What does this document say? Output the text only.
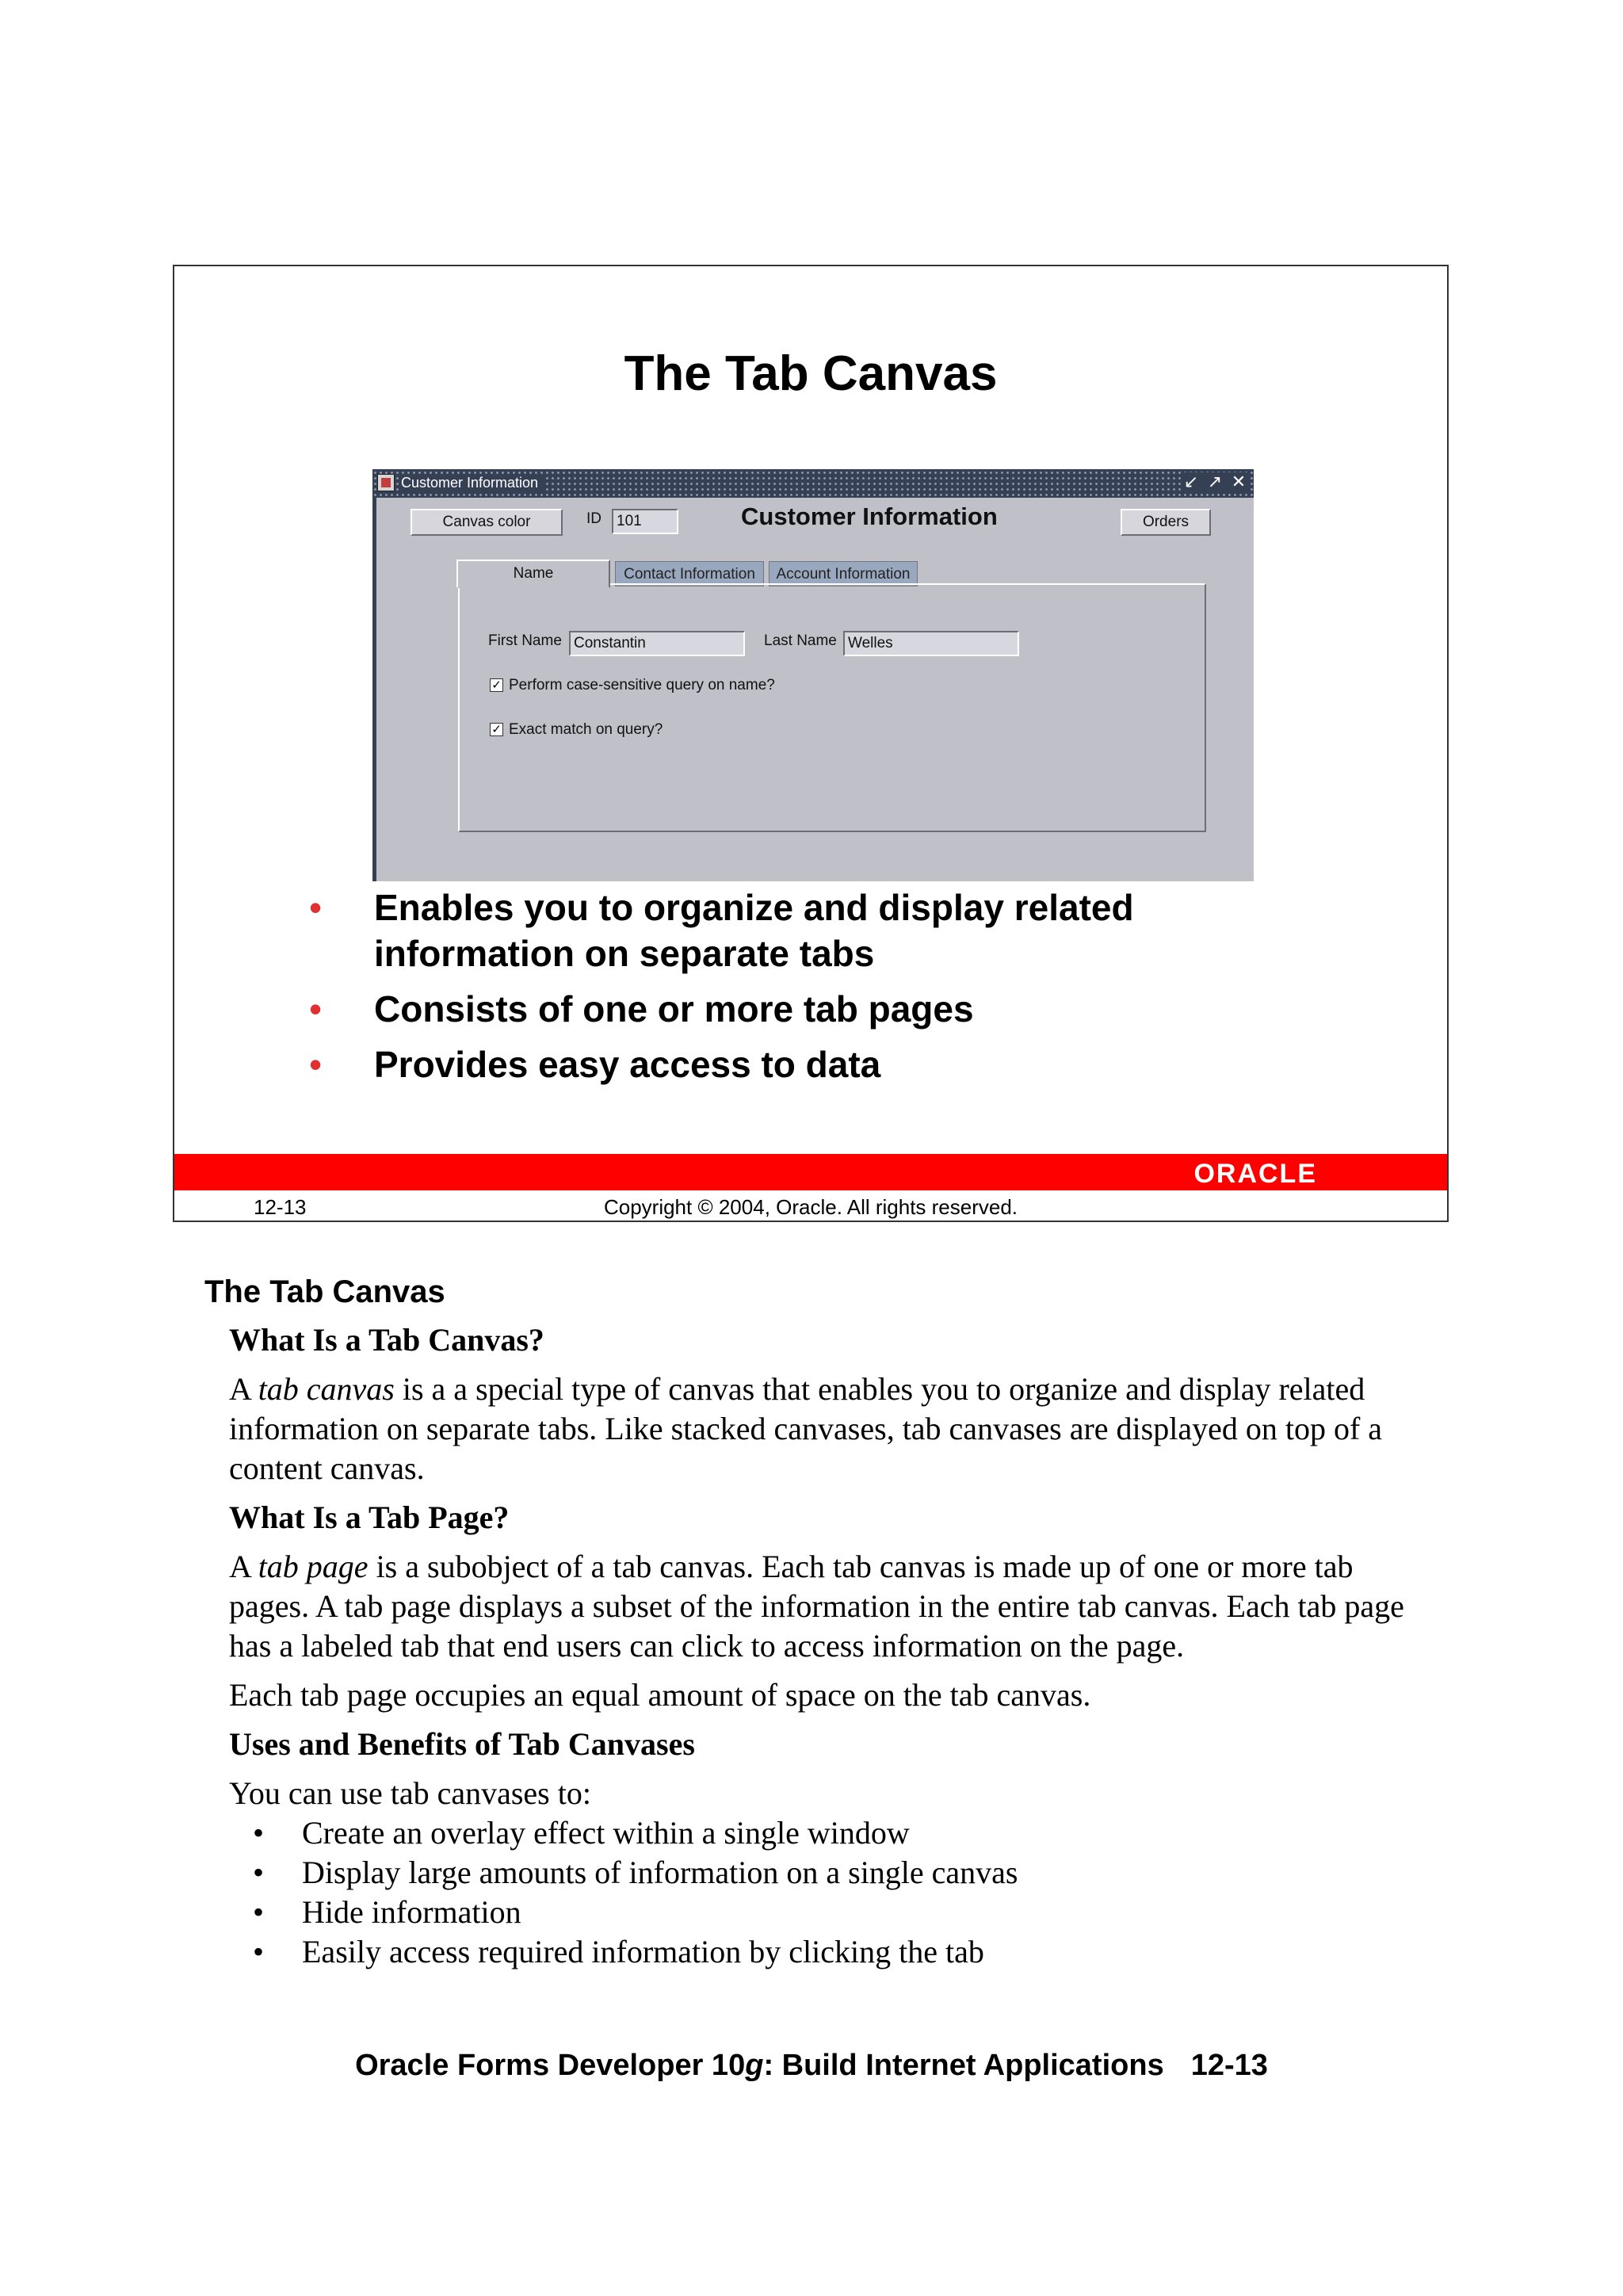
The Tab Canvas
Customer Information	↙ ↗ ✕
Canvas color	ID	101	Customer Information	Orders
Name	Contact Information	Account Information
First Name Constantin	Last Name Welles
✓ Perform case-sensitive query on name?
✓ Exact match on query?
• Enables you to organize and display related information on separate tabs
• Consists of one or more tab pages
• Provides easy access to data
ORACLE
12-13	Copyright © 2004, Oracle. All rights reserved.
The Tab Canvas
What Is a Tab Canvas?

A tab canvas is a a special type of canvas that enables you to organize and display related information on separate tabs. Like stacked canvases, tab canvases are displayed on top of a content canvas.

What Is a Tab Page?

A tab page is a subobject of a tab canvas. Each tab canvas is made up of one or more tab pages. A tab page displays a subset of the information in the entire tab canvas. Each tab page has a labeled tab that end users can click to access information on the page.

Each tab page occupies an equal amount of space on the tab canvas.

Uses and Benefits of Tab Canvases

You can use tab canvases to:

• Create an overlay effect within a single window
• Display large amounts of information on a single canvas
• Hide information
• Easily access required information by clicking the tab
Oracle Forms Developer 10g: Build Internet Applications 12-13
